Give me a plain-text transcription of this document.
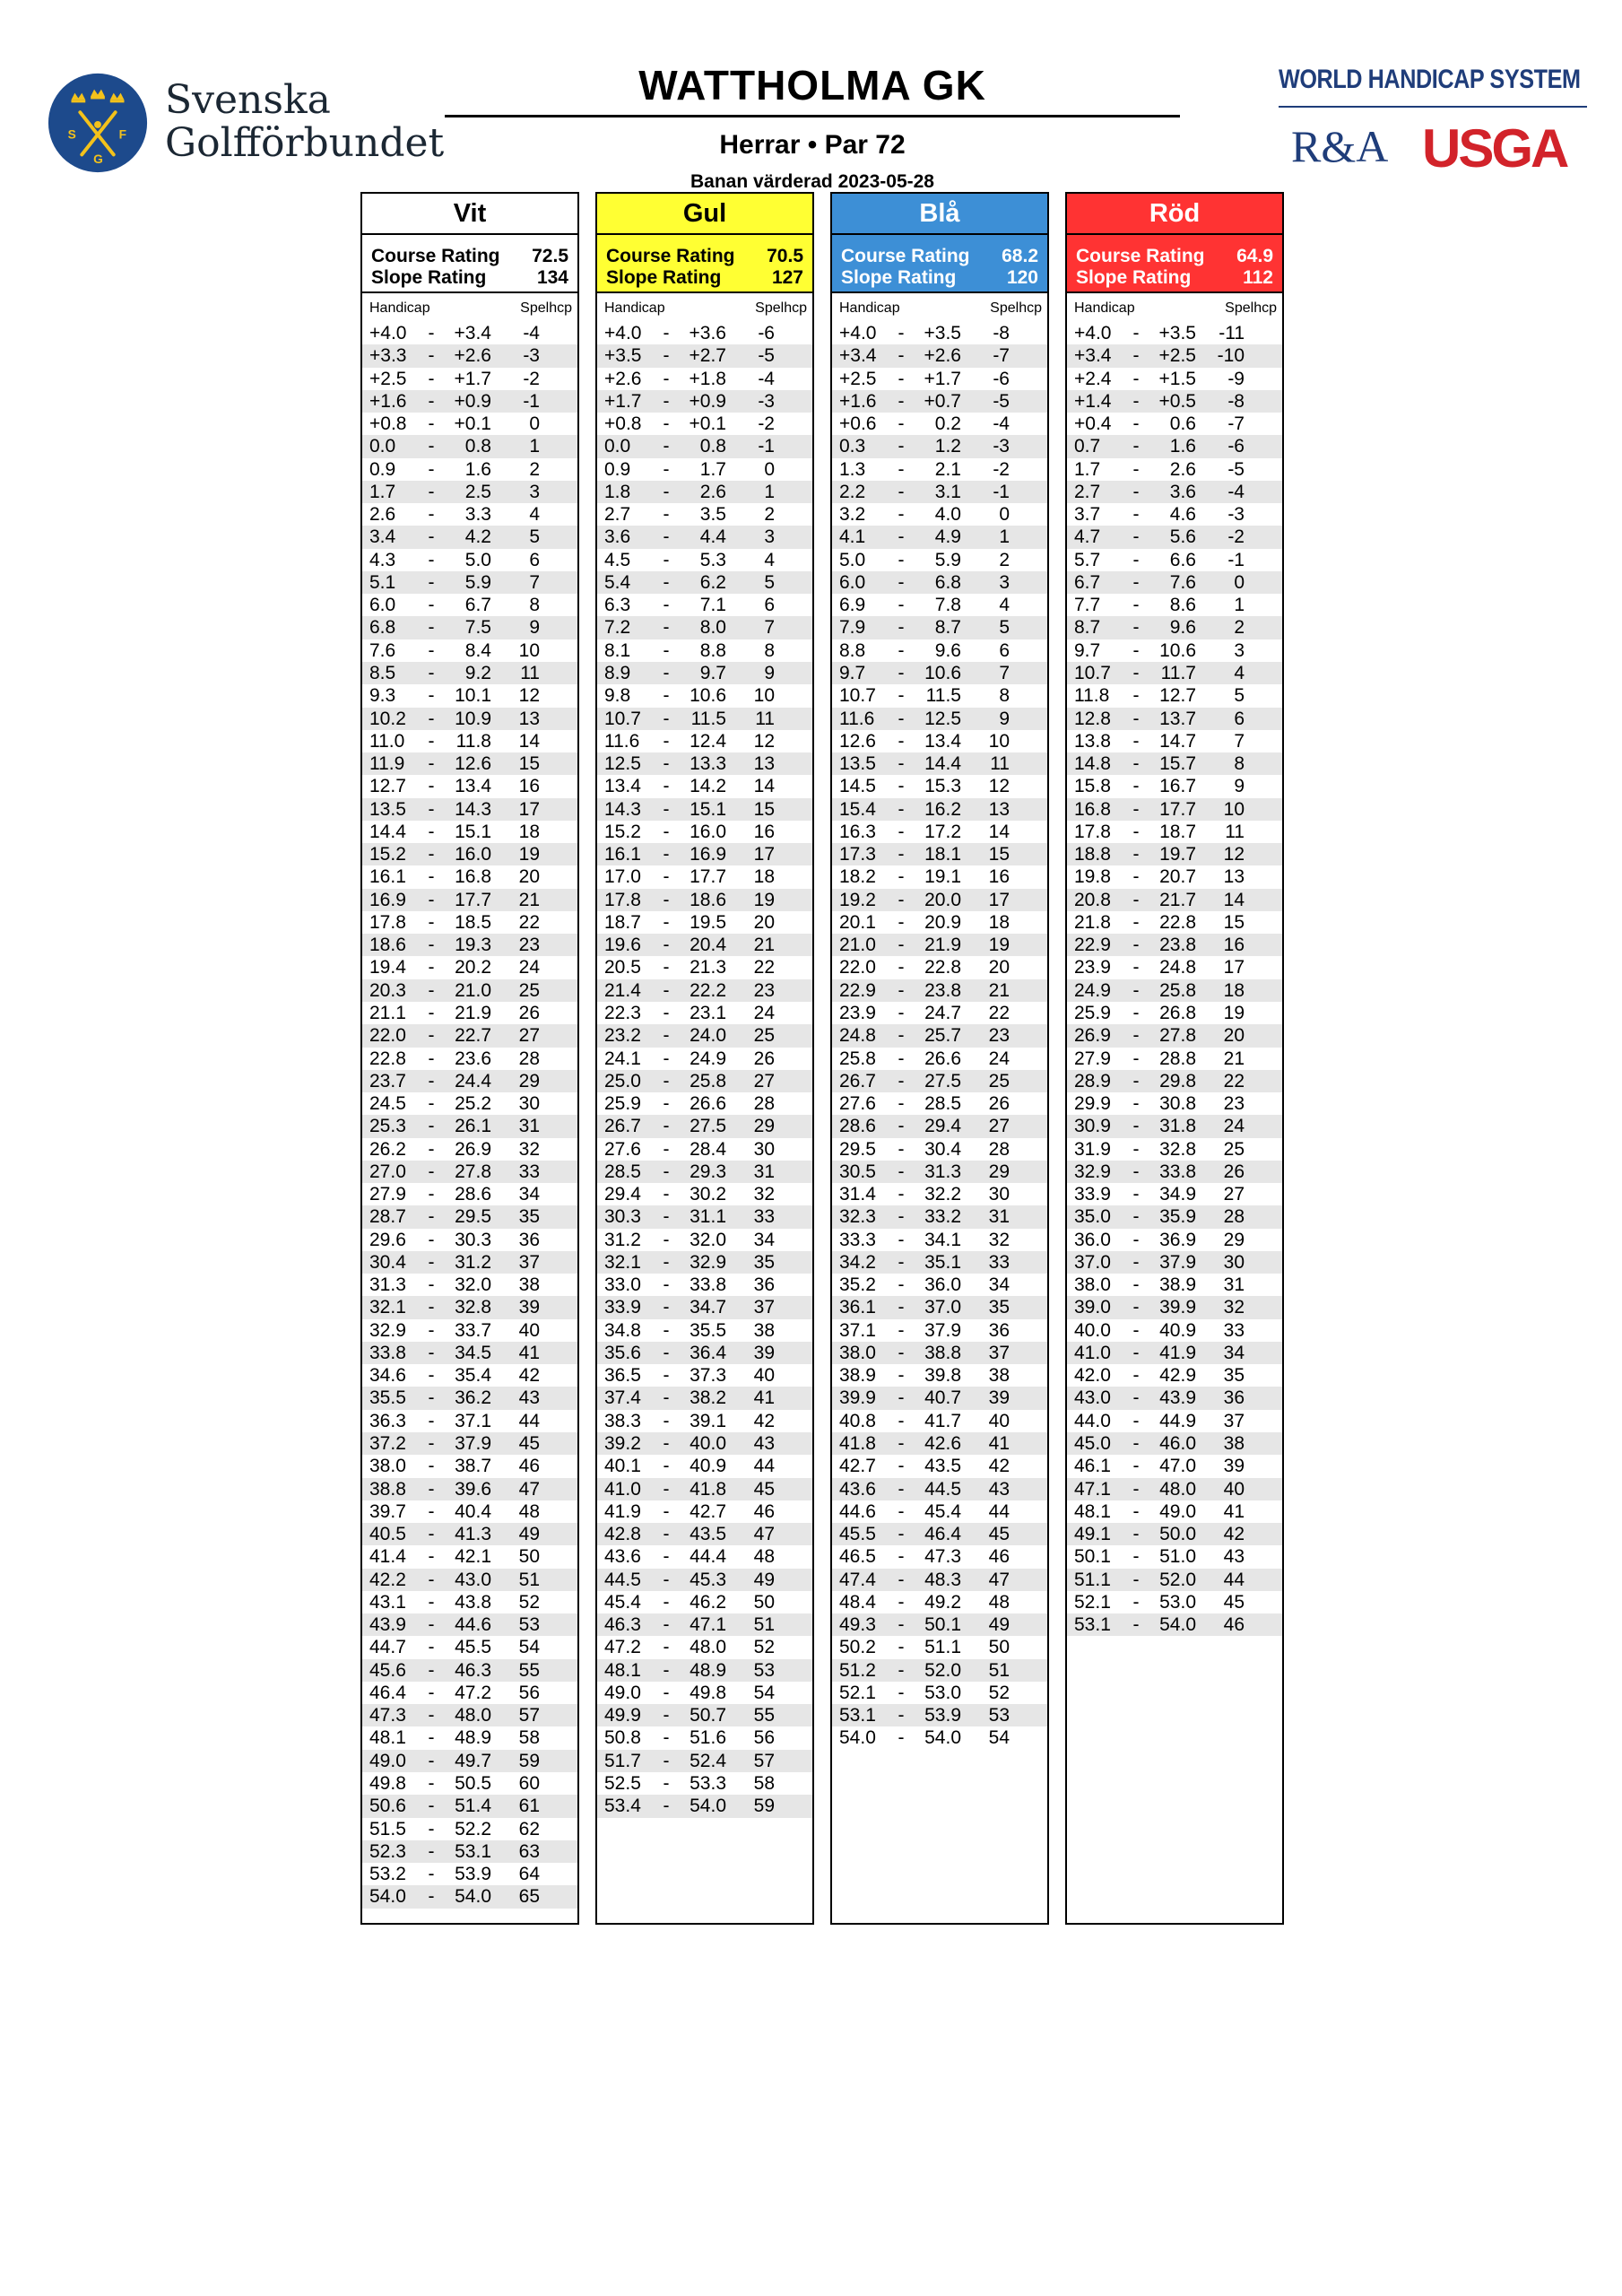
S
G
F
Svenska
Golfförbundet
WATTHOLMA GK
Herrar • Par 72
Banan värderad 2023-05-28
WORLD HANDICAP SYSTEM
R&A USGA
Vit
Course Rating 72.5
Slope Rating	134
Handicap	Spelhcp
+4.0	-	+3.4	-4
+3.3	-	+2.6	-3
+2.5	-	+1.7	-2
+1.6	-	+0.9	-1
+0.8	-	+0.1	0
0.0	-	0.8	1
0.9	-	1.6	2
1.7	-	2.5	3
2.6	-	3.3	4
3.4	-	4.2	5
4.3	-	5.0	6
5.1	-	5.9	7
6.0	-	6.7	8
6.8	-	7.5	9
7.6	-	8.4	10
8.5	-	9.2	11
9.3	-	10.1	12
10.2	-	10.9	13
11.0	-	11.8	14
11.9	-	12.6	15
12.7	-	13.4	16
13.5	-	14.3	17
14.4	-	15.1	18
15.2	-	16.0	19
16.1	-	16.8	20
16.9	-	17.7	21
17.8	-	18.5	22
18.6	-	19.3	23
19.4	-	20.2	24
20.3	-	21.0	25
21.1	-	21.9	26
22.0	-	22.7	27
22.8	-	23.6	28
23.7	-	24.4	29
24.5	-	25.2	30
25.3	-	26.1	31
26.2	-	26.9	32
27.0	-	27.8	33
27.9	-	28.6	34
28.7	-	29.5	35
29.6	-	30.3	36
30.4	-	31.2	37
31.3	-	32.0	38
32.1	-	32.8	39
32.9	-	33.7	40
33.8	-	34.5	41
34.6	-	35.4	42
35.5	-	36.2	43
36.3	-	37.1	44
37.2	-	37.9	45
38.0	-	38.7	46
38.8	-	39.6	47
39.7	-	40.4	48
40.5	-	41.3	49
41.4	-	42.1	50
42.2	-	43.0	51
43.1	-	43.8	52
43.9	-	44.6	53
44.7	-	45.5	54
45.6	-	46.3	55
46.4	-	47.2	56
47.3	-	48.0	57
48.1	-	48.9	58
49.0	-	49.7	59
49.8	-	50.5	60
50.6	-	51.4	61
51.5	-	52.2	62
52.3	-	53.1	63
53.2	-	53.9	64
54.0	-	54.0	65
Gul
Course Rating 70.5
Slope Rating	127
Handicap	Spelhcp
+4.0	-	+3.6	-6
+3.5	-	+2.7	-5
+2.6	-	+1.8	-4
+1.7	-	+0.9	-3
+0.8	-	+0.1	-2
0.0	-	0.8	-1
0.9	-	1.7	0
1.8	-	2.6	1
2.7	-	3.5	2
3.6	-	4.4	3
4.5	-	5.3	4
5.4	-	6.2	5
6.3	-	7.1	6
7.2	-	8.0	7
8.1	-	8.8	8
8.9	-	9.7	9
9.8	-	10.6	10
10.7	-	11.5	11
11.6	-	12.4	12
12.5	-	13.3	13
13.4	-	14.2	14
14.3	-	15.1	15
15.2	-	16.0	16
16.1	-	16.9	17
17.0	-	17.7	18
17.8	-	18.6	19
18.7	-	19.5	20
19.6	-	20.4	21
20.5	-	21.3	22
21.4	-	22.2	23
22.3	-	23.1	24
23.2	-	24.0	25
24.1	-	24.9	26
25.0	-	25.8	27
25.9	-	26.6	28
26.7	-	27.5	29
27.6	-	28.4	30
28.5	-	29.3	31
29.4	-	30.2	32
30.3	-	31.1	33
31.2	-	32.0	34
32.1	-	32.9	35
33.0	-	33.8	36
33.9	-	34.7	37
34.8	-	35.5	38
35.6	-	36.4	39
36.5	-	37.3	40
37.4	-	38.2	41
38.3	-	39.1	42
39.2	-	40.0	43
40.1	-	40.9	44
41.0	-	41.8	45
41.9	-	42.7	46
42.8	-	43.5	47
43.6	-	44.4	48
44.5	-	45.3	49
45.4	-	46.2	50
46.3	-	47.1	51
47.2	-	48.0	52
48.1	-	48.9	53
49.0	-	49.8	54
49.9	-	50.7	55
50.8	-	51.6	56
51.7	-	52.4	57
52.5	-	53.3	58
53.4	-	54.0	59
Blå
Course Rating 68.2
Slope Rating	120
Handicap	Spelhcp
+4.0	-	+3.5	-8
+3.4	-	+2.6	-7
+2.5	-	+1.7	-6
+1.6	-	+0.7	-5
+0.6	-	0.2	-4
0.3	-	1.2	-3
1.3	-	2.1	-2
2.2	-	3.1	-1
3.2	-	4.0	0
4.1	-	4.9	1
5.0	-	5.9	2
6.0	-	6.8	3
6.9	-	7.8	4
7.9	-	8.7	5
8.8	-	9.6	6
9.7	-	10.6	7
10.7	-	11.5	8
11.6	-	12.5	9
12.6	-	13.4	10
13.5	-	14.4	11
14.5	-	15.3	12
15.4	-	16.2	13
16.3	-	17.2	14
17.3	-	18.1	15
18.2	-	19.1	16
19.2	-	20.0	17
20.1	-	20.9	18
21.0	-	21.9	19
22.0	-	22.8	20
22.9	-	23.8	21
23.9	-	24.7	22
24.8	-	25.7	23
25.8	-	26.6	24
26.7	-	27.5	25
27.6	-	28.5	26
28.6	-	29.4	27
29.5	-	30.4	28
30.5	-	31.3	29
31.4	-	32.2	30
32.3	-	33.2	31
33.3	-	34.1	32
34.2	-	35.1	33
35.2	-	36.0	34
36.1	-	37.0	35
37.1	-	37.9	36
38.0	-	38.8	37
38.9	-	39.8	38
39.9	-	40.7	39
40.8	-	41.7	40
41.8	-	42.6	41
42.7	-	43.5	42
43.6	-	44.5	43
44.6	-	45.4	44
45.5	-	46.4	45
46.5	-	47.3	46
47.4	-	48.3	47
48.4	-	49.2	48
49.3	-	50.1	49
50.2	-	51.1	50
51.2	-	52.0	51
52.1	-	53.0	52
53.1	-	53.9	53
54.0	-	54.0	54
Röd
Course Rating 64.9
Slope Rating	112
Handicap	Spelhcp
+4.0	-	+3.5	-11
+3.4	-	+2.5	-10
+2.4	-	+1.5	-9
+1.4	-	+0.5	-8
+0.4	-	0.6	-7
0.7	-	1.6	-6
1.7	-	2.6	-5
2.7	-	3.6	-4
3.7	-	4.6	-3
4.7	-	5.6	-2
5.7	-	6.6	-1
6.7	-	7.6	0
7.7	-	8.6	1
8.7	-	9.6	2
9.7	-	10.6	3
10.7	-	11.7	4
11.8	-	12.7	5
12.8	-	13.7	6
13.8	-	14.7	7
14.8	-	15.7	8
15.8	-	16.7	9
16.8	-	17.7	10
17.8	-	18.7	11
18.8	-	19.7	12
19.8	-	20.7	13
20.8	-	21.7	14
21.8	-	22.8	15
22.9	-	23.8	16
23.9	-	24.8	17
24.9	-	25.8	18
25.9	-	26.8	19
26.9	-	27.8	20
27.9	-	28.8	21
28.9	-	29.8	22
29.9	-	30.8	23
30.9	-	31.8	24
31.9	-	32.8	25
32.9	-	33.8	26
33.9	-	34.9	27
35.0	-	35.9	28
36.0	-	36.9	29
37.0	-	37.9	30
38.0	-	38.9	31
39.0	-	39.9	32
40.0	-	40.9	33
41.0	-	41.9	34
42.0	-	42.9	35
43.0	-	43.9	36
44.0	-	44.9	37
45.0	-	46.0	38
46.1	-	47.0	39
47.1	-	48.0	40
48.1	-	49.0	41
49.1	-	50.0	42
50.1	-	51.0	43
51.1	-	52.0	44
52.1	-	53.0	45
53.1	-	54.0	46
